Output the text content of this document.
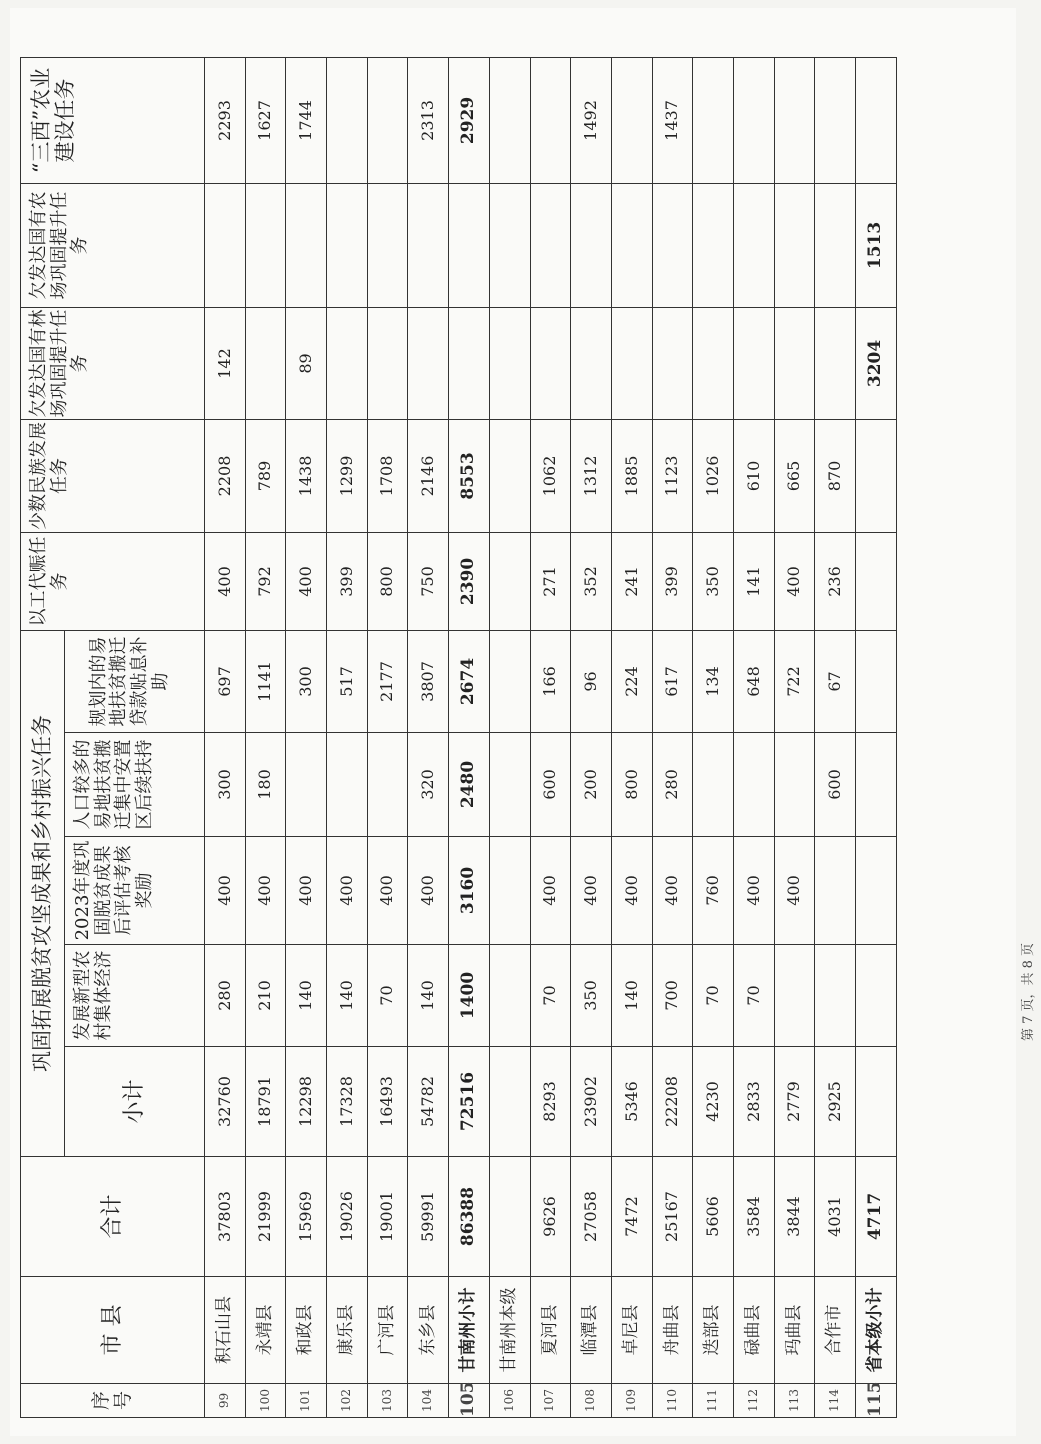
序号	市 县	合计	巩固拓展脱贫攻坚成果和乡村振兴任务					以工代赈任务	少数民族发展任务	欠发达国有林场巩固提升任务	欠发达国有农场巩固提升任务	“三西”农业建设任务
			小计	发展新型农村集体经济	2023年度巩固脱贫成果后评估考核奖励	人口较多的易地扶贫搬迁集中安置区后续扶持						
							规划内的易地扶贫搬迁贷款贴息补助					
99	积石山县	37803	32760	280	400	300	697	400	2208	142		2293
100	永靖县	21999	18791	210	400	180	1141	792	789			1627
101	和政县	15969	12298	140	400		300	400	1438	89		1744
102	康乐县	19026	17328	140	400		517	399	1299			
103	广河县	19001	16493	70	400		2177	800	1708			
104	东乡县	59991	54782	140	400	320	3807	750	2146			2313
105	甘南州小计	86388	72516	1400	3160	2480	2674	2390	8553			2929
106	甘南州本级											
107	夏河县	9626	8293	70	400	600	166	271	1062			
108	临潭县	27058	23902	350	400	200	96	352	1312			1492
109	卓尼县	7472	5346	140	400	800	224	241	1885			
110	舟曲县	25167	22208	700	400	280	617	399	1123			1437
111	迭部县	5606	4230	70	760		134	350	1026			
112	碌曲县	3584	2833	70	400		648	141	610			
113	玛曲县	3844	2779		400		722	400	665			
114	合作市	4031	2925			600	67	236	870			
115	省本级小计	4717								3204	1513	
第 7 页，共 8 页
